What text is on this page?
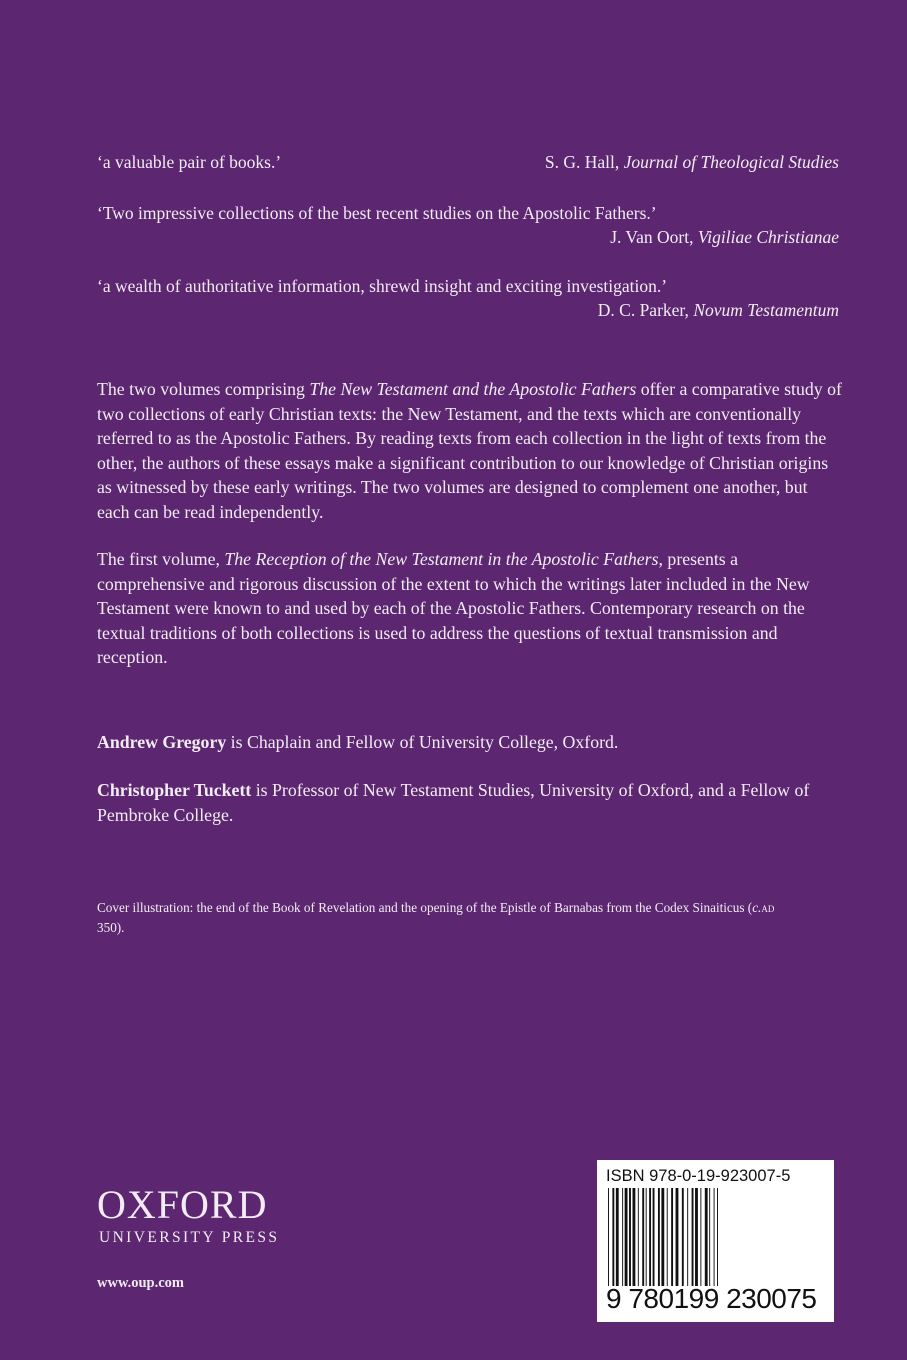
‘a valuable pair of books.’	S. G. Hall, Journal of Theological Studies
‘Two impressive collections of the best recent studies on the Apostolic Fathers.’
J. Van Oort, Vigiliae Christianae
‘a wealth of authoritative information, shrewd insight and exciting investigation.’
D. C. Parker, Novum Testamentum

The two volumes comprising The New Testament and the Apostolic Fathers offer a comparative study of two collections of early Christian texts: the New Testament, and the texts which are conventionally referred to as the Apostolic Fathers. By reading texts from each collection in the light of texts from the other, the authors of these essays make a significant contribution to our knowledge of Christian origins as witnessed by these early writings. The two volumes are designed to complement one another, but each can be read independently.

The first volume, The Reception of the New Testament in the Apostolic Fathers, presents a comprehensive and rigorous discussion of the extent to which the writings later included in the New Testament were known to and used by each of the Apostolic Fathers. Contemporary research on the textual traditions of both collections is used to address the questions of textual transmission and reception.

Andrew Gregory is Chaplain and Fellow of University College, Oxford.
Christopher Tuckett is Professor of New Testament Studies, University of Oxford, and a Fellow of Pembroke College.
Cover illustration: the end of the Book of Revelation and the opening of the Epistle of Barnabas from the Codex Sinaiticus (c.ad 350).
OXFORD
UNIVERSITY PRESS
www.oup.com
ISBN 978-0-19-923007-5
9 780199 230075
